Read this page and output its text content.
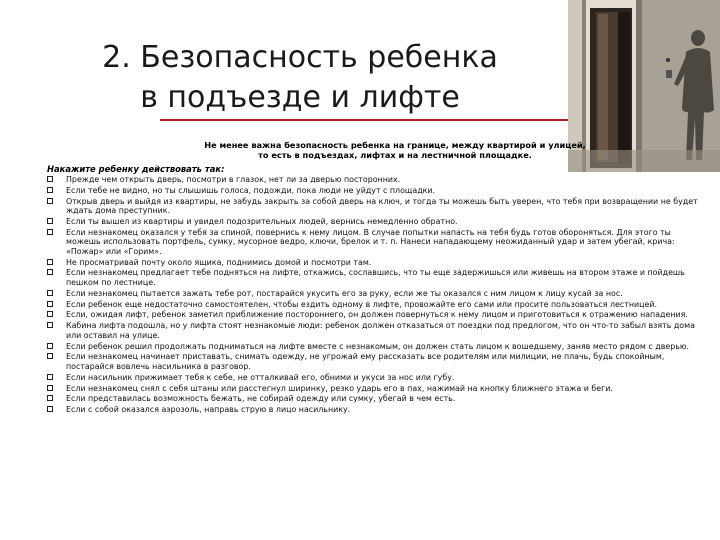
2. Безопасность ребенка
в подъезде и лифте
Не менее важна безопасность ребенка на границе, между квартирой и улицей,
то есть в подъездах, лифтах и на лестничной площадке.
Накажите ребенку действовать так:
Прежде чем открыть дверь, посмотри в глазок, нет ли за дверью посторонних.
Если тебе не видно, но ты слышишь голоса, подожди, пока люди не уйдут с площадки.
Открыв дверь и выйдя из квартиры, не забудь закрыть за собой дверь на ключ, и тогда ты можешь быть уверен, что тебя при возвращении не будет ждать дома преступник.
Если ты вышел из квартиры и увидел подозрительных людей, вернись немедленно обратно.
Если незнакомец оказался у тебя за спиной, повернись к нему лицом. В случае попытки напасть на тебя будь готов обороняться. Для этого ты можешь использовать портфель, сумку, мусорное ведро, ключи, брелок и т. п. Нанеси нападающему неожиданный удар и затем убегай, крича: «Пожар» или «Горим».
Не просматривай почту около ящика, поднимись домой и посмотри там.
Если незнакомец предлагает тебе подняться на лифте, откажись, сославшись, что ты еще задержишься или живешь на втором этаже и пойдешь пешком по лестнице.
Если незнакомец пытается зажать тебе рот, постарайся укусить его за руку, если же ты оказался с ним лицом к лицу кусай за нос.
Если ребенок еще недостаточно самостоятелен, чтобы ездить одному в лифте, провожайте его сами или просите пользоваться лестницей.
Если, ожидая лифт, ребенок заметил приближение постороннего, он должен повернуться к нему лицом и приготовиться к отражению нападения.
Кабина лифта подошла, но у лифта стоят незнакомые люди: ребенок должен отказаться от поездки под предлогом, что он что-то забыл взять дома или оставил на улице.
Если ребенок решил продолжать подниматься на лифте вместе с незнакомым, он должен стать лицом к вошедшему, заняв место рядом с дверью.
Если незнакомец начинает приставать, снимать одежду, не угрожай ему рассказать все родителям или милиции, не плачь, будь спокойным, постарайся вовлечь насильника в разговор.
Если насильник прижимает тебя к себе, не отталкивай его, обними и укуси за нос или губу.
Если незнакомец снял с себя штаны или расстегнул ширинку, резко ударь его в пах, нажимай на кнопку ближнего этажа и беги.
Если представилась возможность бежать, не собирай одежду или сумку, убегай в чем есть.
Если с собой оказался аэрозоль, направь струю в лицо насильнику.
